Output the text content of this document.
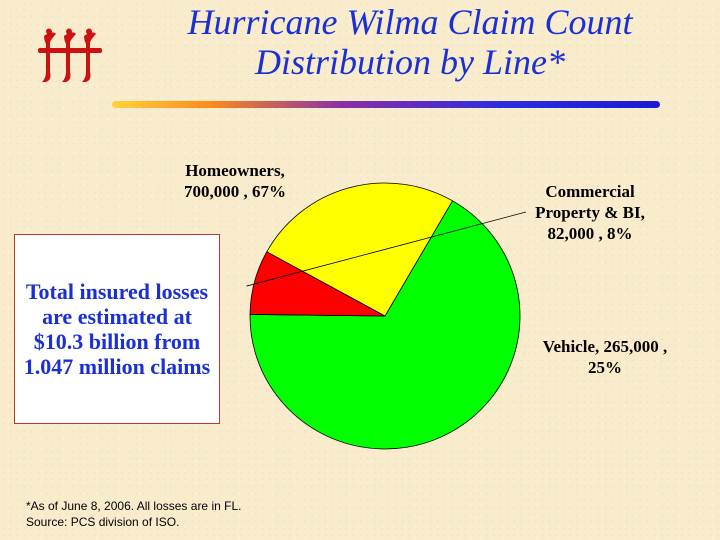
Hurricane Wilma Claim Count
Distribution by Line*
Homeowners,
700,000 , 67%	Commercial
Property & BI,
82,000 , 8%
Vehicle, 265,000 ,
25%
Total insured losses are estimated at $10.3 billion from 1.047 million claims
*As of June 8, 2006. All losses are in FL.
Source: PCS division of ISO.
